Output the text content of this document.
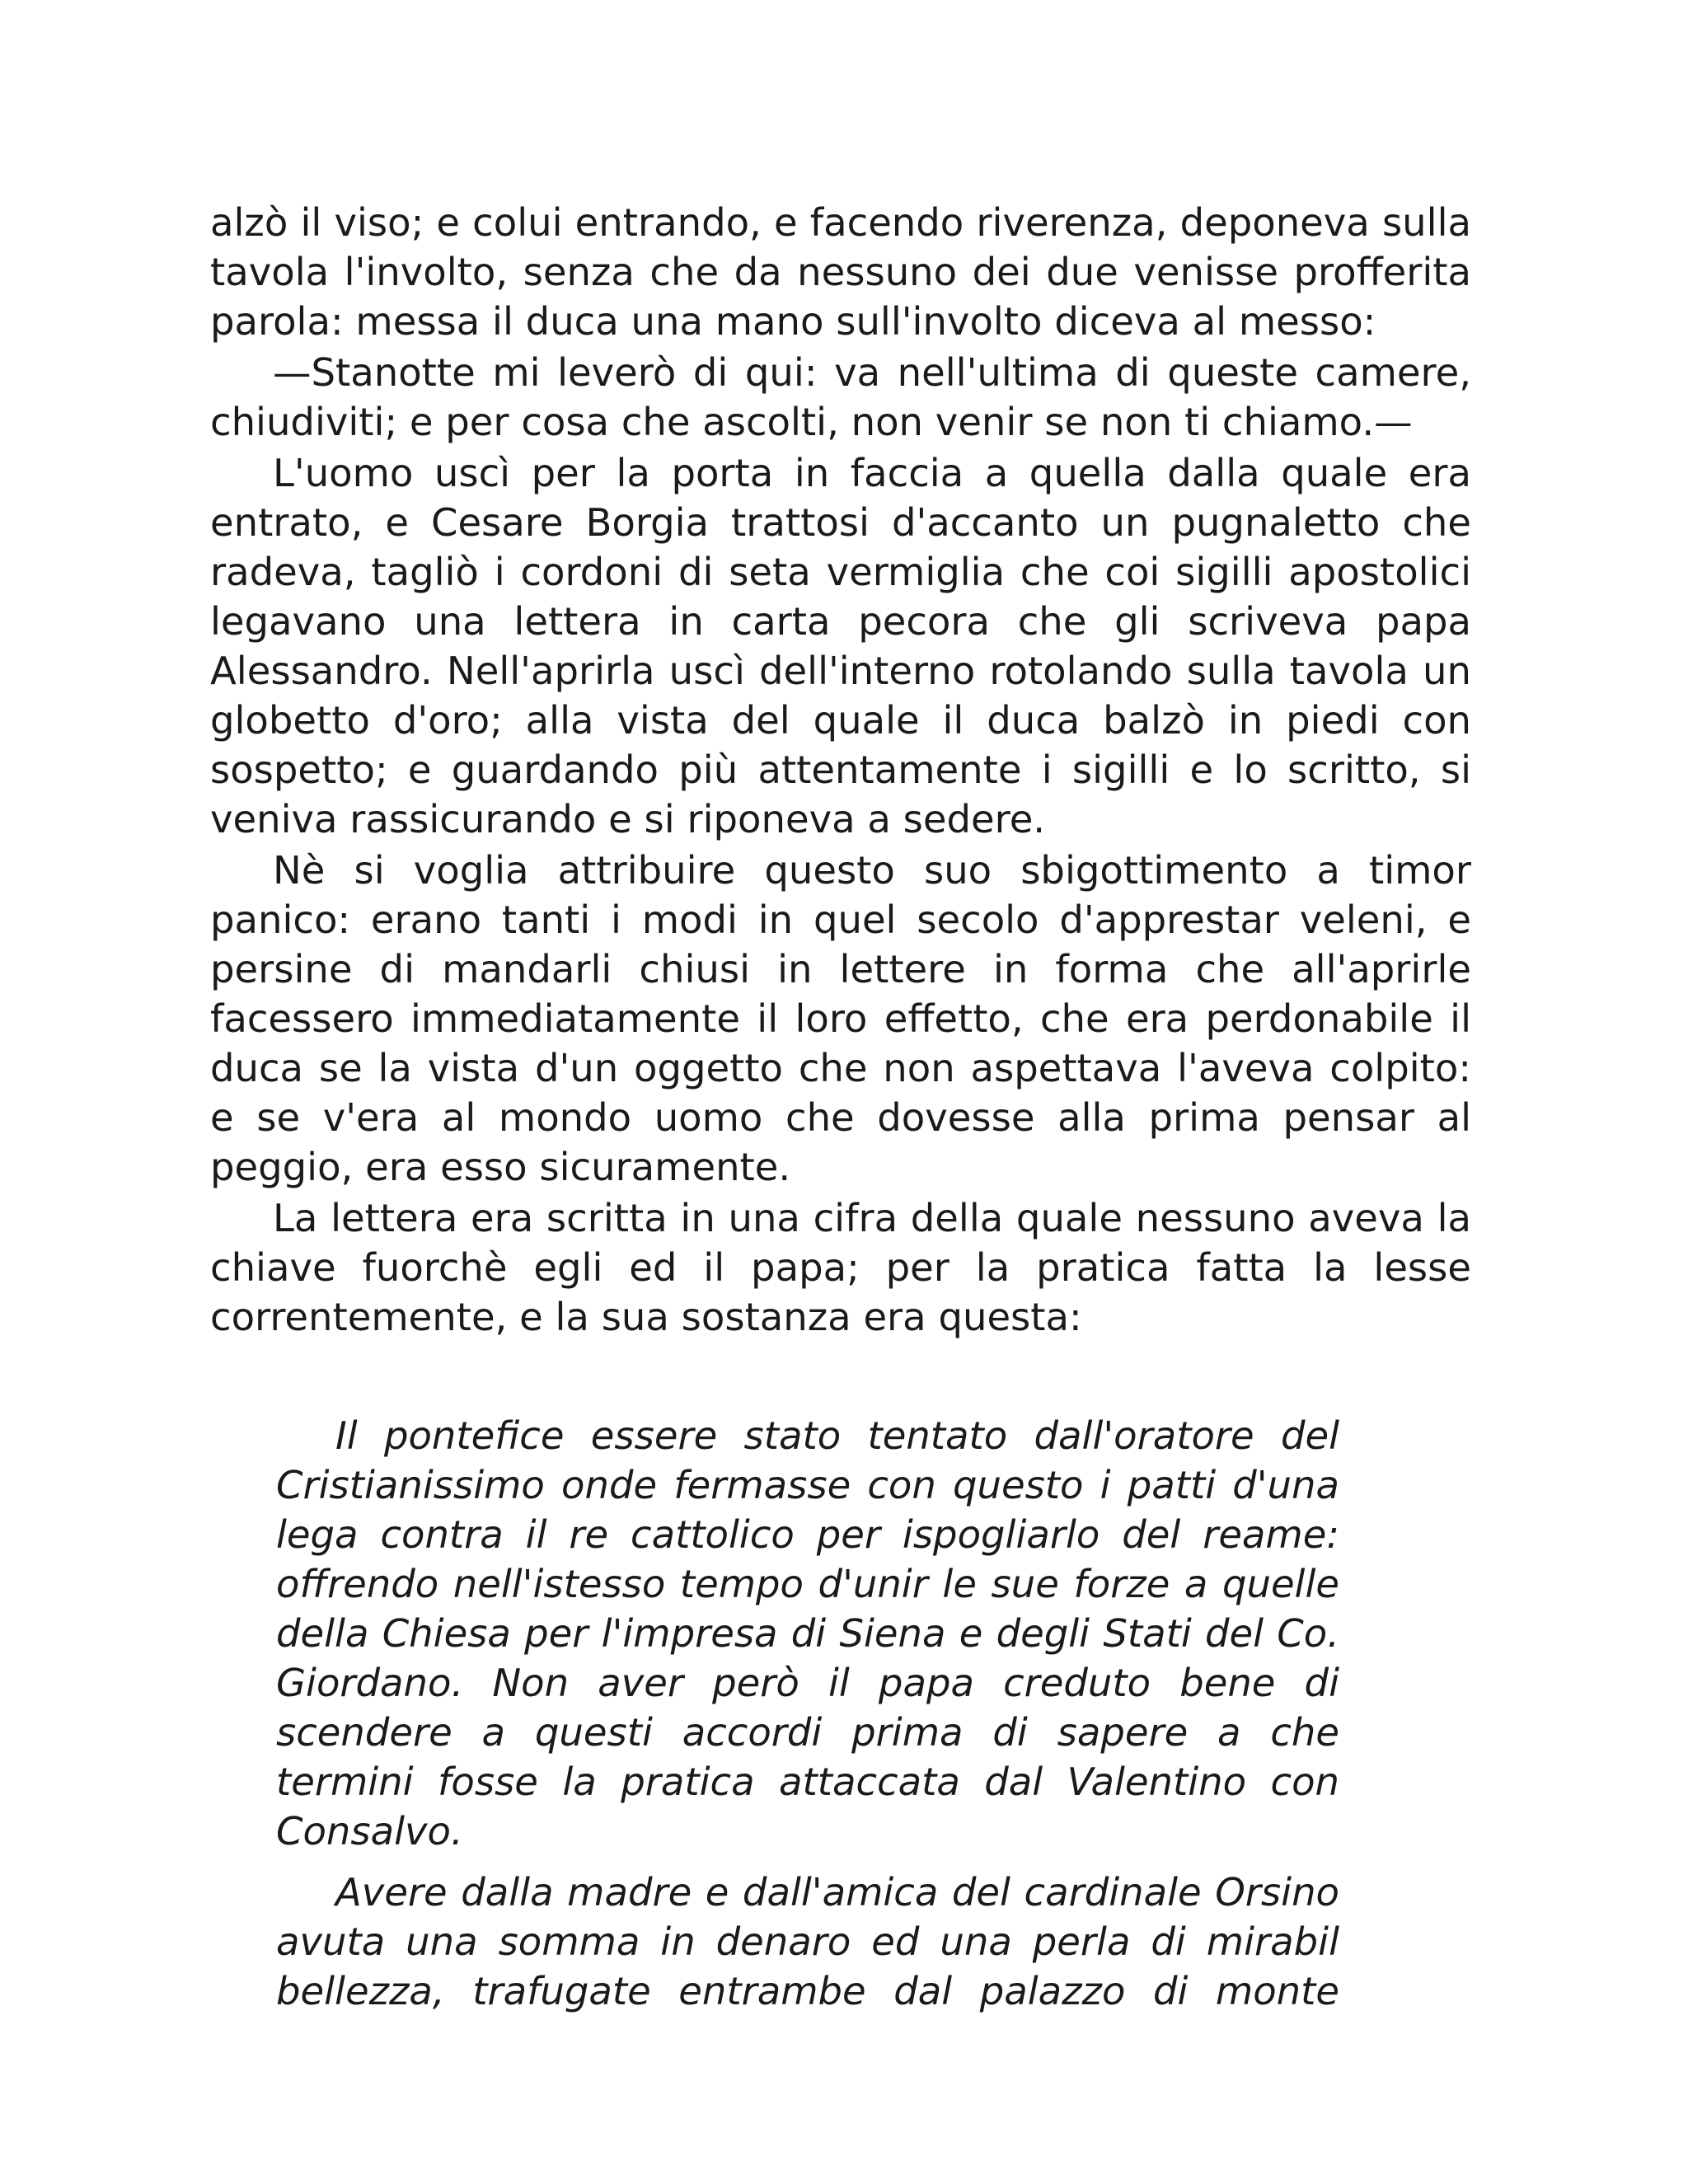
alzò il viso; e colui entrando, e facendo riverenza, deponeva sulla tavola l'involto, senza che da nessuno dei due venisse profferita parola: messa il duca una mano sull'involto diceva al messo:

—Stanotte mi leverò di qui: va nell'ultima di queste camere, chiudiviti; e per cosa che ascolti, non venir se non ti chiamo.—

L'uomo uscì per la porta in faccia a quella dalla quale era entrato, e Cesare Borgia trattosi d'accanto un pugnaletto che radeva, tagliò i cordoni di seta vermiglia che coi sigilli apostolici legavano una lettera in carta pecora che gli scriveva papa Alessandro. Nell'aprirla uscì dell'interno rotolando sulla tavola un globetto d'oro; alla vista del quale il duca balzò in piedi con sospetto; e guardando più attentamente i sigilli e lo scritto, si veniva rassicurando e si riponeva a sedere.

Nè si voglia attribuire questo suo sbigottimento a timor panico: erano tanti i modi in quel secolo d'apprestar veleni, e persine di mandarli chiusi in lettere in forma che all'aprirle facessero immediatamente il loro effetto, che era perdonabile il duca se la vista d'un oggetto che non aspettava l'aveva colpito: e se v'era al mondo uomo che dovesse alla prima pensar al peggio, era esso sicuramente.

La lettera era scritta in una cifra della quale nessuno aveva la chiave fuorchè egli ed il papa; per la pratica fatta la lesse correntemente, e la sua sostanza era questa:

Il pontefice essere stato tentato dall'oratore del Cristianissimo onde fermasse con questo i patti d'una lega contra il re cattolico per ispogliarlo del reame: offrendo nell'istesso tempo d'unir le sue forze a quelle della Chiesa per l'impresa di Siena e degli Stati del Co. Giordano. Non aver però il papa creduto bene di scendere a questi accordi prima di sapere a che termini fosse la pratica attaccata dal Valentino con Consalvo.

Avere dalla madre e dall'amica del cardinale Orsino avuta una somma in denaro ed una perla di mirabil bellezza, trafugate entrambe dal palazzo di monte
